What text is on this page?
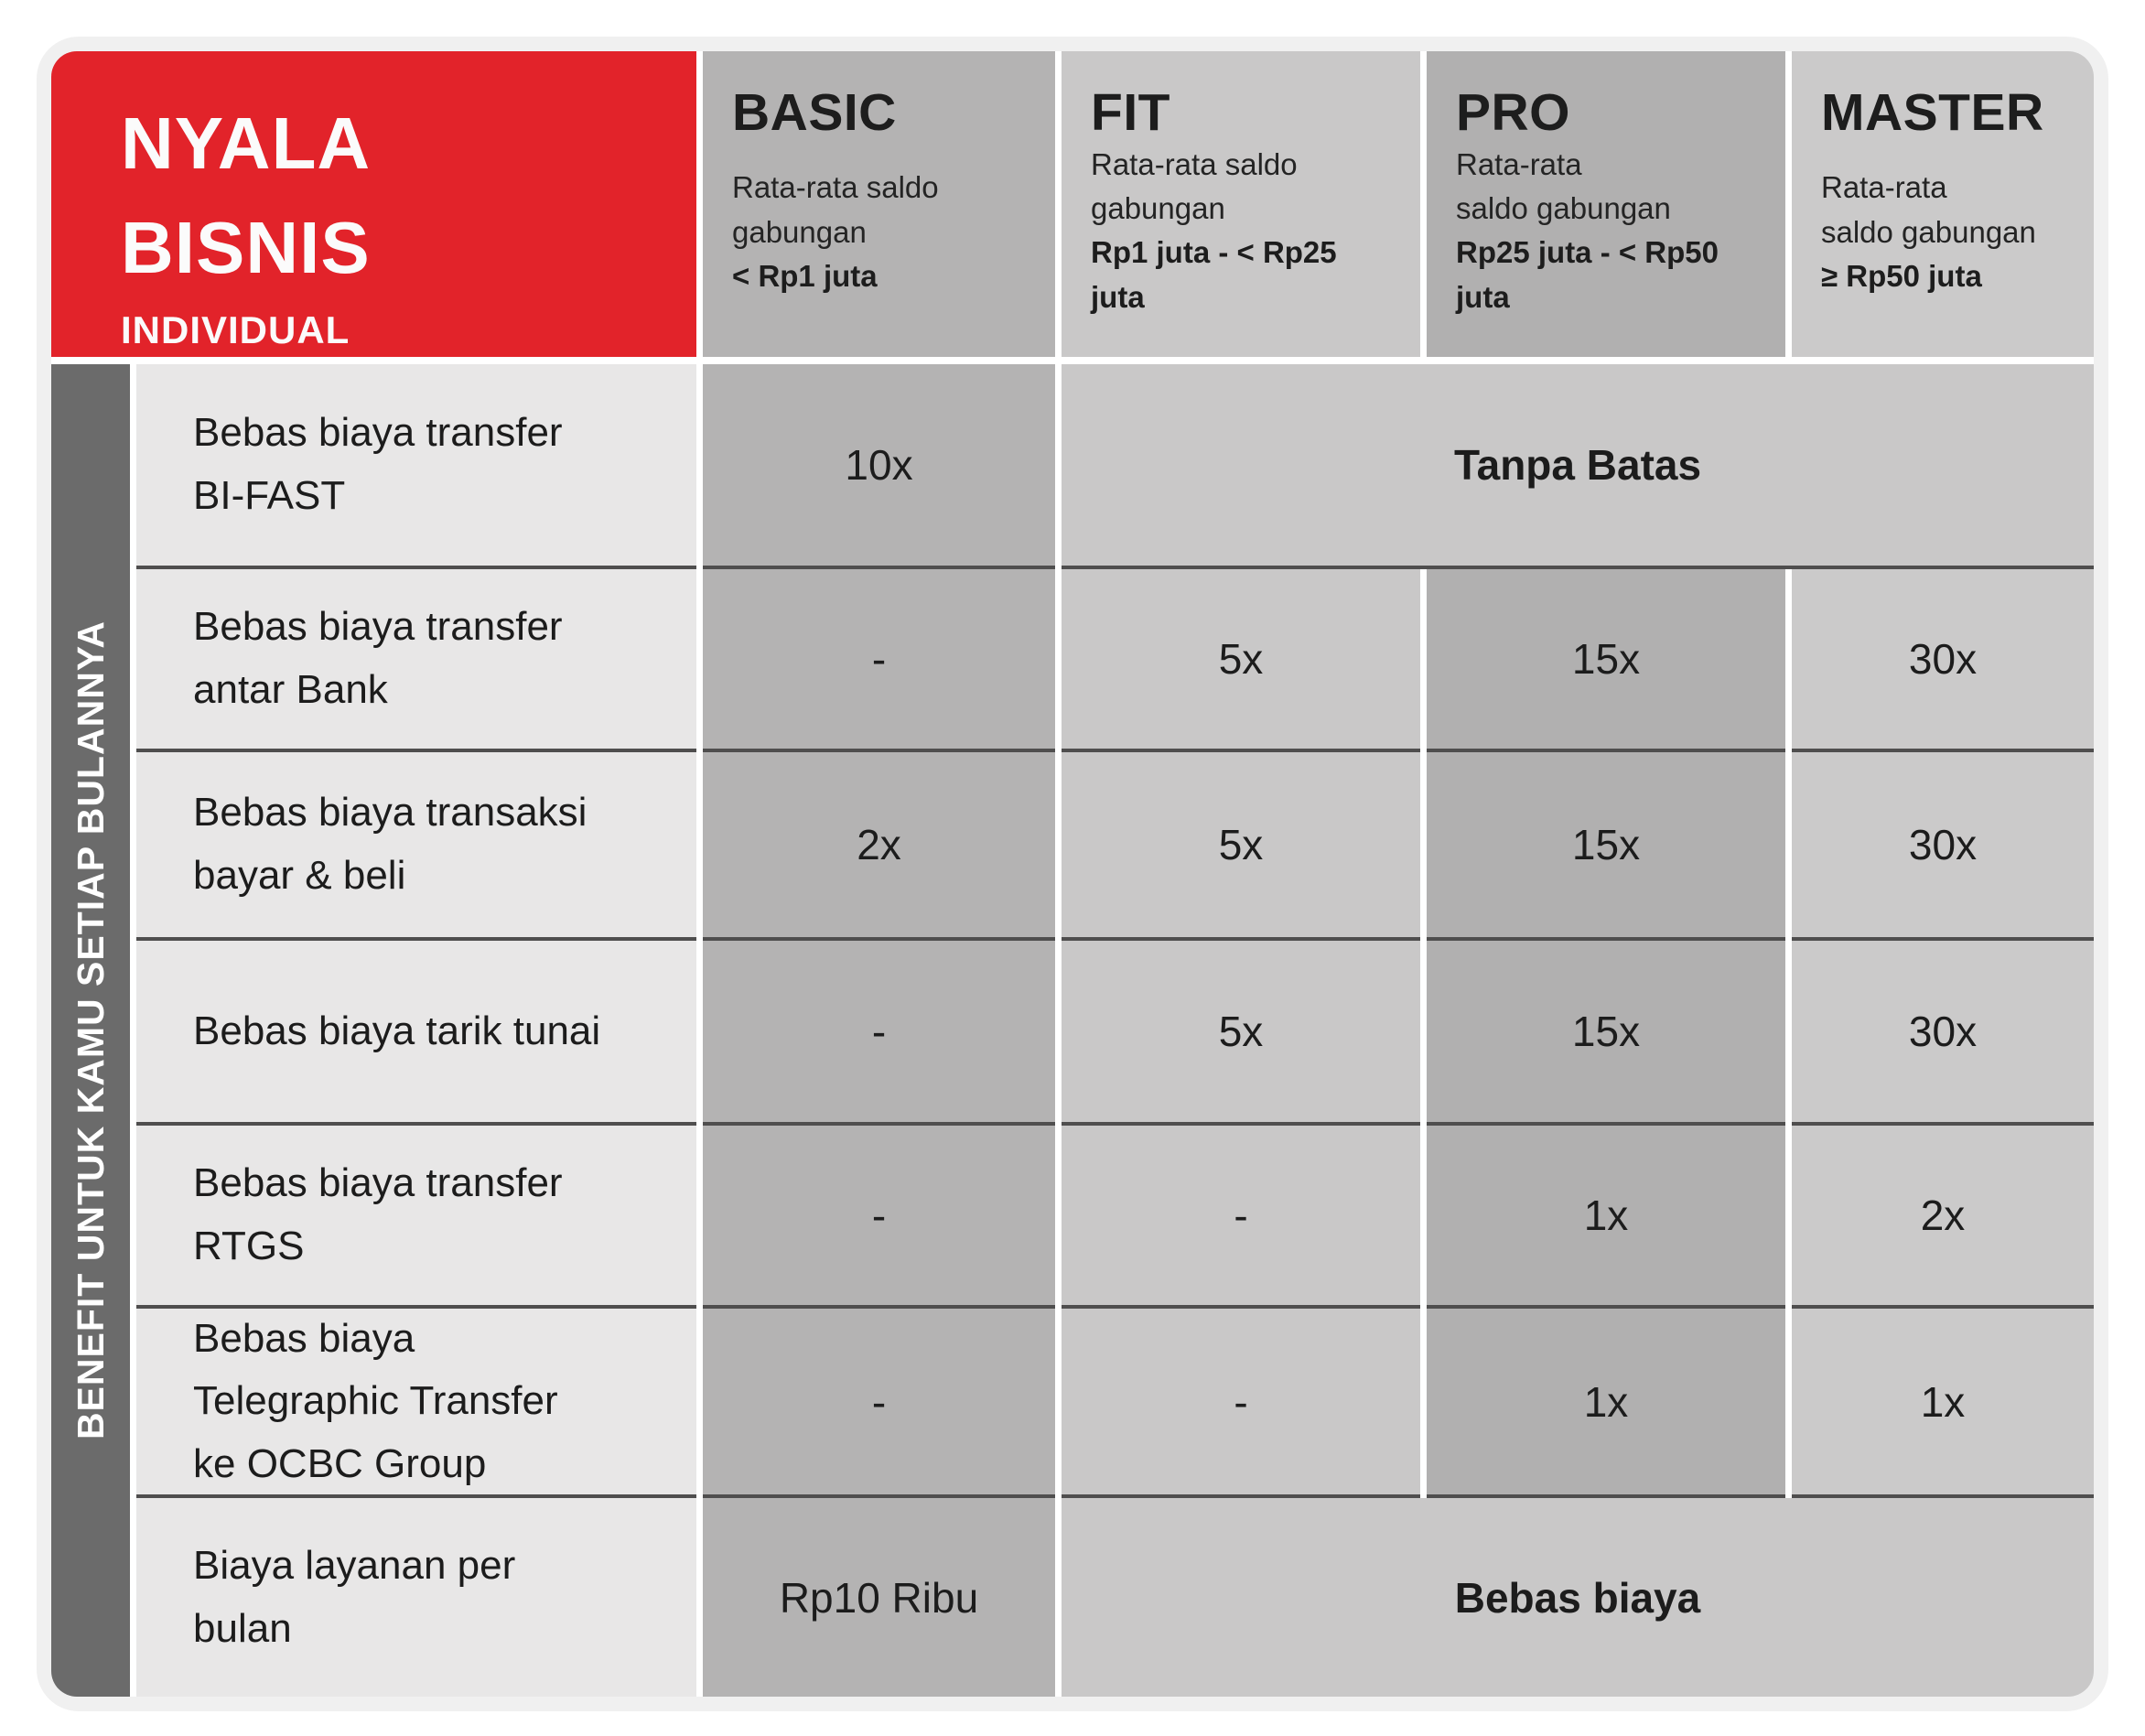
NYALA
BISNIS
INDIVIDUAL
BASIC
Rata-rata saldo
gabungan
< Rp1 juta
FIT
Rata-rata saldo
gabungan
Rp1 juta - < Rp25 juta
PRO
Rata-rata
saldo gabungan
Rp25 juta - < Rp50 juta
MASTER
Rata-rata
saldo gabungan
≥ Rp50 juta
BENEFIT UNTUK KAMU SETIAP BULANNYA
Bebas biaya transfer
BI-FAST
10x	Tanpa Batas
Bebas biaya transfer
antar Bank
-	5x	15x	30x
Bebas biaya transaksi
bayar & beli
2x	5x	15x	30x
Bebas biaya tarik tunai	-	5x	15x	30x
Bebas biaya transfer
RTGS
-	-	1x	2x
Bebas biaya
Telegraphic Transfer
ke OCBC Group
-	-	1x	1x
Biaya layanan per
bulan
Rp10 Ribu	Bebas biaya
